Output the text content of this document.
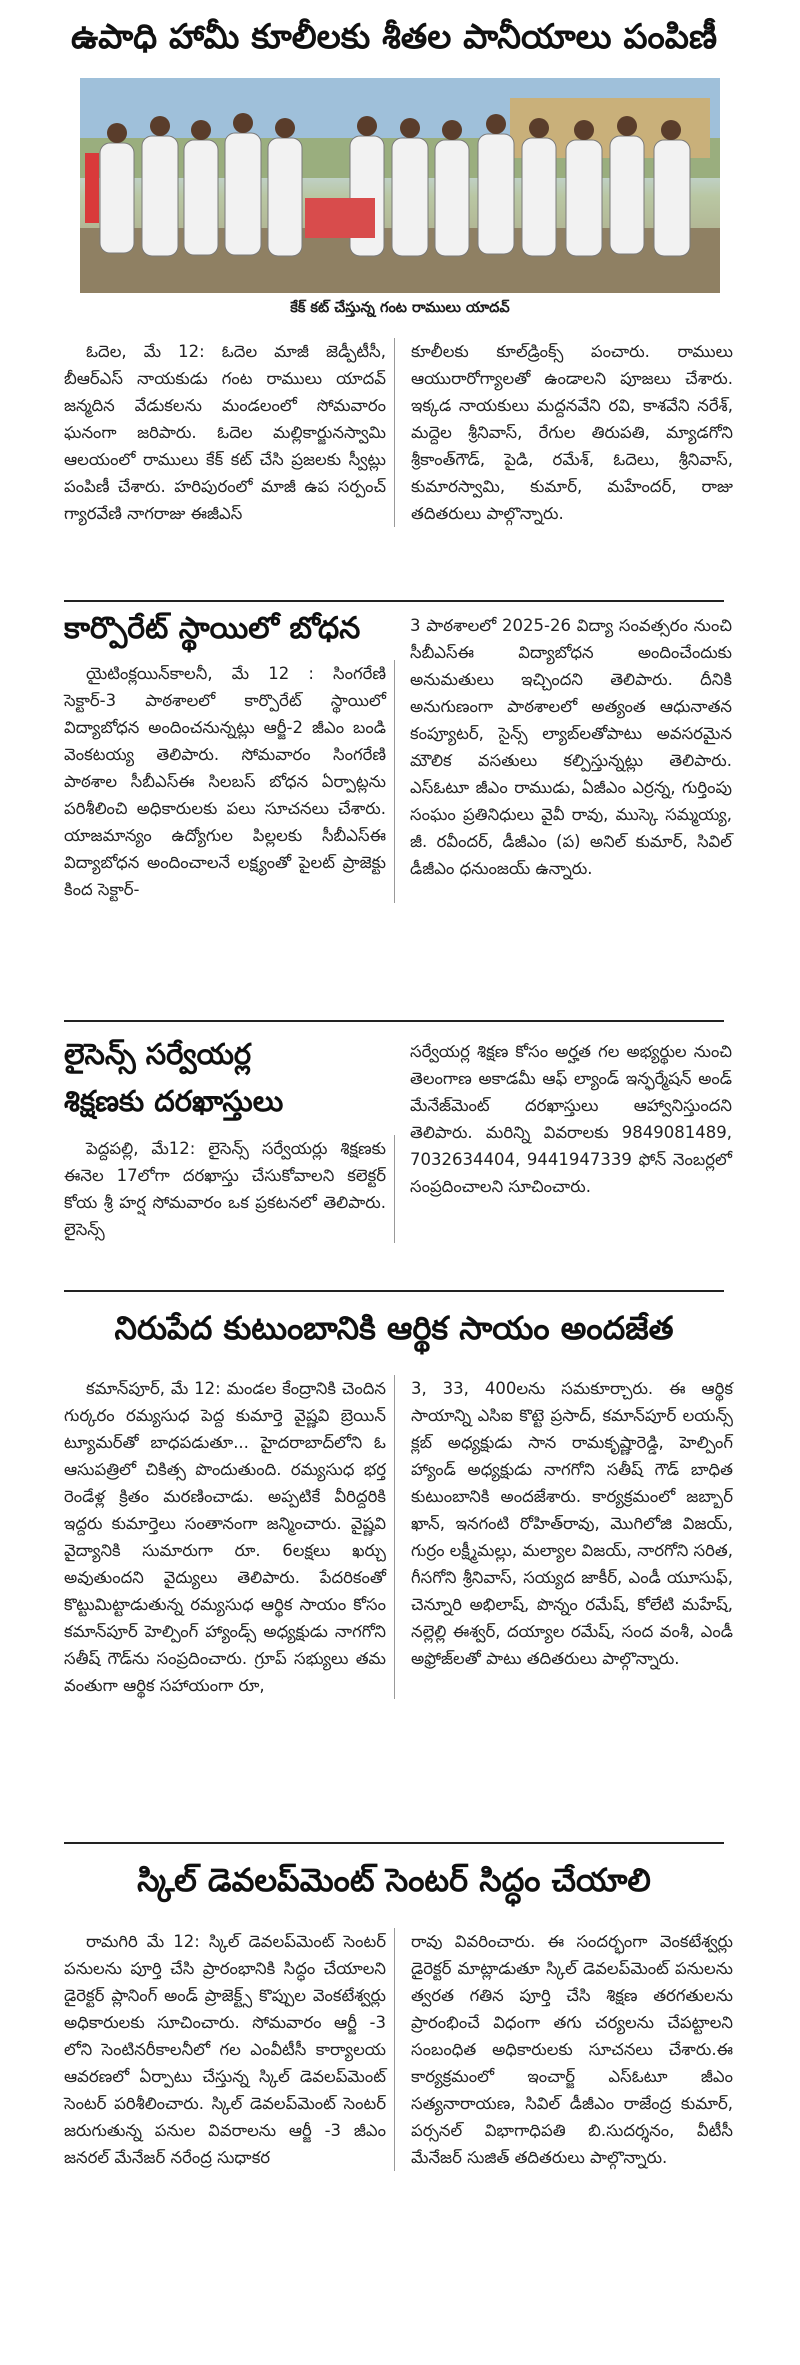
ఉపాధి హామీ కూలీలకు శీతల పానీయాలు పంపిణీ
కేక్ కట్ చేస్తున్న గంట రాములు యాదవ్

ఓదెల, మే 12: ఓదెల మాజీ జెడ్పీటీసీ, బీఆర్ఎస్ నాయకుడు గంట రాములు యాదవ్ జన్మదిన వేడుకలను మండలంలో సోమవారం ఘనంగా జరిపారు. ఓదెల మల్లికార్జునస్వామి ఆలయంలో రాములు కేక్ కట్ చేసి ప్రజలకు స్వీట్లు పంపిణీ చేశారు. హరిపురంలో మాజీ ఉప సర్పంచ్ గ్యారవేణి నాగరాజు ఈజీఎస్

కూలీలకు కూల్‌డ్రింక్స్ పంచారు. రాములు ఆయురారోగ్యాలతో ఉండాలని పూజలు చేశారు. ఇక్కడ నాయకులు మద్దనవేని రవి, కాశవేని నరేశ్, మద్దెల శ్రీనివాస్, రేగుల తిరుపతి, మ్యాడగోని శ్రీకాంత్‌గౌడ్, పైడి, రమేశ్, ఓదెలు, శ్రీనివాస్, కుమారస్వామి, కుమార్, మహేందర్, రాజు తదితరులు పాల్గొన్నారు.

కార్పొరేట్ స్థాయిలో బోధన

యైటింక్లయిన్‌కాలనీ, మే 12 : సింగరేణి సెక్టార్-3 పాఠశాలలో కార్పొరేట్ స్థాయిలో విద్యాబోధన అందించనున్నట్లు ఆర్జీ-2 జీఎం బండి వెంకటయ్య తెలిపారు. సోమవారం సింగరేణి పాఠశాల సీబీఎస్ఈ సిలబస్ బోధన ఏర్పాట్లను పరిశీలించి అధికారులకు పలు సూచనలు చేశారు. యాజమాన్యం ఉద్యోగుల పిల్లలకు సీబీఎస్ఈ విద్యాబోధన అందించాలనే లక్ష్యంతో పైలట్ ప్రాజెక్టు కింద సెక్టార్-

3 పాఠశాలలో 2025-26 విద్యా సంవత్సరం నుంచి సీబీఎస్ఈ విద్యాబోధన అందించేందుకు అనుమతులు ఇచ్చిందని తెలిపారు. దీనికి అనుగుణంగా పాఠశాలలో అత్యంత ఆధునాతన కంప్యూటర్, సైన్స్ ల్యాబ్‌లతోపాటు అవసరమైన మౌలిక వసతులు కల్పిస్తున్నట్లు తెలిపారు. ఎస్ఓటూ జీఎం రాముడు, ఏజీఎం ఎర్రన్న, గుర్తింపు సంఘం ప్రతినిధులు వైవీ రావు, ముస్కె సమ్మయ్య, జీ. రవీందర్, డీజీఎం (ప) అనిల్ కుమార్, సివిల్ డీజీఎం ధనుంజయ్ ఉన్నారు.

లైసెన్స్ సర్వేయర్ల
శిక్షణకు దరఖాస్తులు

పెద్దపల్లి, మే12: లైసెన్స్ సర్వేయర్లు శిక్షణకు ఈనెల 17లోగా దరఖాస్తు చేసుకోవాలని కలెక్టర్ కోయ శ్రీ హర్ష సోమవారం ఒక ప్రకటనలో తెలిపారు. లైసెన్స్

సర్వేయర్ల శిక్షణ కోసం అర్హత గల అభ్యర్థుల నుంచి తెలంగాణ అకాడమీ ఆఫ్ ల్యాండ్ ఇన్ఫర్మేషన్ అండ్ మేనేజ్‌మెంట్ దరఖాస్తులు ఆహ్వానిస్తుందని తెలిపారు. మరిన్ని వివరాలకు 9849081489, 7032634404, 9441947339 ఫోన్ నెంబర్లలో సంప్రదించాలని సూచించారు.

నిరుపేద కుటుంబానికి ఆర్థిక సాయం అందజేత

కమాన్‌పూర్, మే 12: మండల కేంద్రానికి చెందిన గుర్కరం రమ్యసుధ పెద్ద కుమార్తె వైష్ణవి బ్రెయిన్ ట్యూమర్‌తో బాధపడుతూ... హైదరాబాద్‌లోని ఓ ఆసుపత్రిలో చికిత్స పొందుతుంది. రమ్యసుధ భర్త రెండేళ్ల క్రితం మరణించాడు. అప్పటికే వీరిద్దరికి ఇద్దరు కుమార్తెలు సంతానంగా జన్మించారు. వైష్ణవి వైద్యానికి సుమారుగా రూ. 6లక్షలు ఖర్చు అవుతుందని వైద్యులు తెలిపారు. పేదరికంతో కొట్టుమిట్టాడుతున్న రమ్యసుధ ఆర్థిక సాయం కోసం కమాన్‌పూర్ హెల్పింగ్ హ్యాండ్స్ అధ్యక్షుడు నాగగోని సతీష్ గౌడ్‌ను సంప్రదించారు. గ్రూప్ సభ్యులు తమ వంతుగా ఆర్థిక సహాయంగా రూ,

3, 33, 400లను సమకూర్చారు. ఈ ఆర్థిక సాయాన్ని ఎసిఐ కొట్టె ప్రసాద్, కమాన్‌పూర్ లయన్స్ క్లబ్ అధ్యక్షుడు సాన రామకృష్ణారెడ్డి, హెల్పింగ్ హ్యాండ్ అధ్యక్షుడు నాగగోని సతీష్ గౌడ్ బాధిత కుటుంబానికి అందజేశారు. కార్యక్రమంలో జబ్బార్ ఖాన్, ఇనగంటి రోహిత్‌రావు, మొగిలోజి విజయ్, గుర్రం లక్ష్మీమల్లు, మల్యాల విజయ్, నారగోని సరిత, గీసగోని శ్రీనివాస్, సయ్యద జాకీర్, ఎండీ యూసుఫ్, చెన్నూరి అభిలాష్, పొన్నం రమేష్, కోలేటి మహేష్, నల్లెల్లి ఈశ్వర్, దయ్యాల రమేష్, సంద వంశీ, ఎండీ అఫ్రోజ్‌లతో పాటు తదితరులు పాల్గొన్నారు.

స్కిల్ డెవలప్‌మెంట్ సెంటర్ సిద్ధం చేయాలి

రామగిరి మే 12: స్కిల్ డెవలప్‌మెంట్ సెంటర్ పనులను పూర్తి చేసి ప్రారంభానికి సిద్ధం చేయాలని డైరెక్టర్ ప్లానింగ్ అండ్ ప్రాజెక్ట్స్ కొప్పుల వెంకటేశ్వర్లు అధికారులకు సూచించారు. సోమవారం ఆర్జీ -3 లోని సెంటినరీకాలనీలో గల ఎంవీటీసీ కార్యాలయ ఆవరణలో ఏర్పాటు చేస్తున్న స్కిల్ డెవలప్‌మెంట్ సెంటర్ పరిశీలించారు. స్కిల్ డెవలప్‌మెంట్ సెంటర్ జరుగుతున్న పనుల వివరాలను ఆర్జీ -3 జీఎం జనరల్ మేనేజర్ నరేంద్ర సుధాకర

రావు వివరించారు. ఈ సందర్భంగా వెంకటేశ్వర్లు డైరెక్టర్ మాట్లాడుతూ స్కిల్ డెవలప్‌మెంట్ పనులను త్వరత గతిన పూర్తి చేసి శిక్షణ తరగతులను ప్రారంభించే విధంగా తగు చర్యలను చేపట్టాలని సంబంధిత అధికారులకు సూచనలు చేశారు.ఈ కార్యక్రమంలో ఇంచార్జ్ ఎస్ఓటూ జీఎం సత్యనారాయణ, సివిల్ డీజీఎం రాజేంద్ర కుమార్, పర్సనల్ విభాగాధిపతి బి.సుదర్శనం, వీటీసీ మేనేజర్ సుజిత్ తదితరులు పాల్గొన్నారు.
